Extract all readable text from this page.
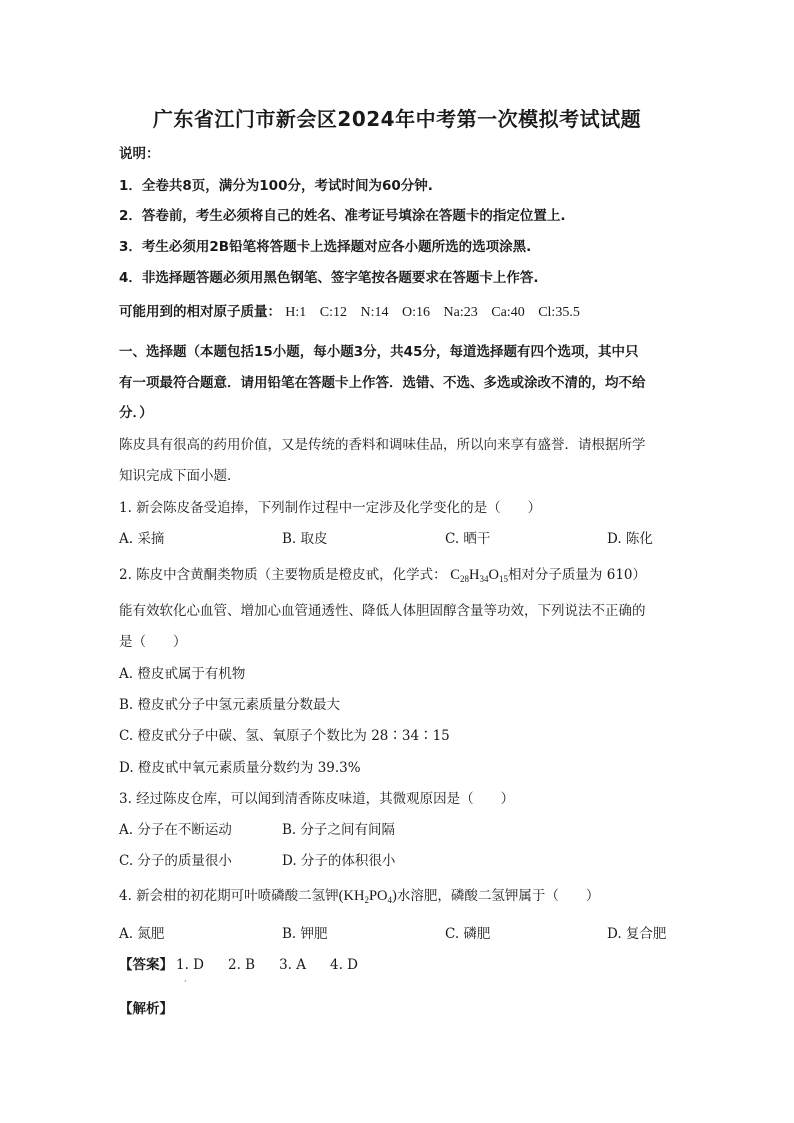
广东省江门市新会区2024年中考第一次模拟考试试题
说明：
1．全卷共8页，满分为100分，考试时间为60分钟.
2．答卷前，考生必须将自己的姓名、准考证号填涂在答题卡的指定位置上.
3．考生必须用2B铅笔将答题卡上选择题对应各小题所选的选项涂黑.
4．非选择题答题必须用黑色钢笔、签字笔按各题要求在答题卡上作答.
可能用到的相对原子质量： H:1 C:12 N:14 O:16 Na:23 Ca:40 Cl:35.5
一、选择题（本题包括15小题，每小题3分，共45分，每道选择题有四个选项，其中只
有一项最符合题意．请用铅笔在答题卡上作答．选错、不选、多选或涂改不清的，均不给
分．）
陈皮具有很高的药用价值，又是传统的香料和调味佳品，所以向来享有盛誉．请根据所学
知识完成下面小题．
1. 新会陈皮备受追捧，下列制作过程中一定涉及化学变化的是（　　）
A. 采摘	B. 取皮	C. 晒干	D. 陈化
2. 陈皮中含黄酮类物质（主要物质是橙皮甙，化学式： $C_{28}H_{34}O_{15}$相对分子质量为 610）
能有效软化心血管、增加心血管通透性、降低人体胆固醇含量等功效，下列说法不正确的
是（　　）
A. 橙皮甙属于有机物
B. 橙皮甙分子中氢元素质量分数最大
C. 橙皮甙分子中碳、氢、氧原子个数比为 28∶34∶15
D. 橙皮甙中氧元素质量分数约为 39.3%
3. 经过陈皮仓库，可以闻到清香陈皮味道，其微观原因是（　　）
A. 分子在不断运动	B. 分子之间有间隔
C. 分子的质量很小	D. 分子的体积很小
4. 新会柑的初花期可叶喷磷酸二氢钾$(KH_2PO_4)$水溶肥，磷酸二氢钾属于（　　）
A. 氮肥	B. 钾肥	C. 磷肥	D. 复合肥
【答案】 1. D 2. B 3. A 4. D
·
【解析】
